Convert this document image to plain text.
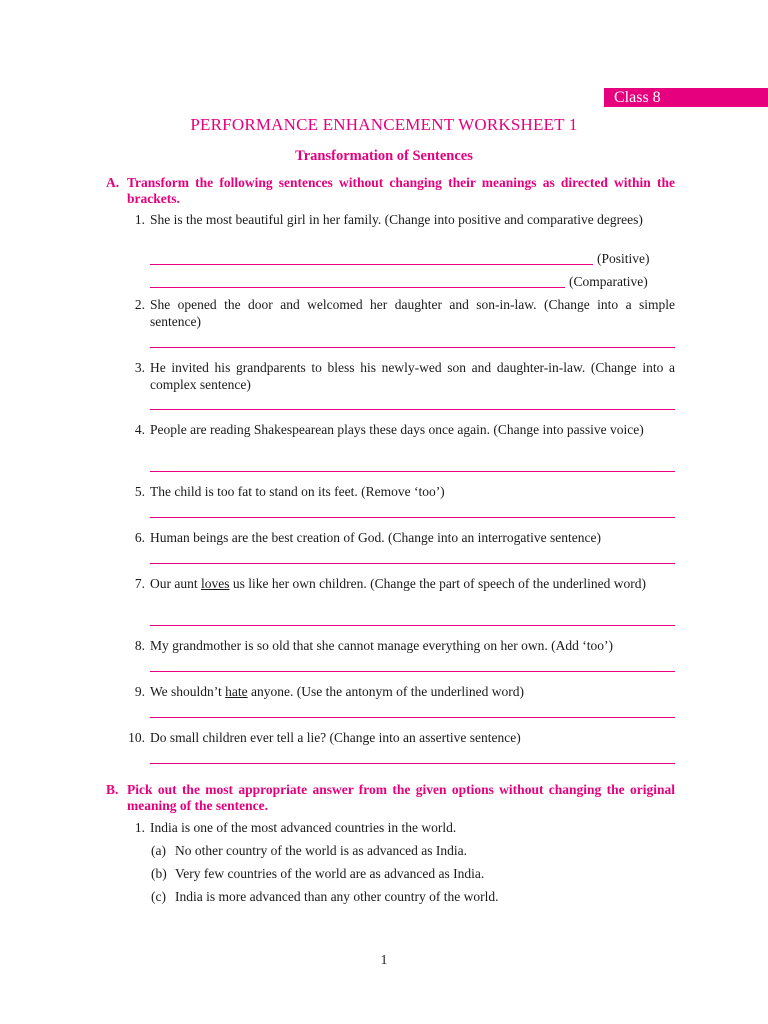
Class 8
PERFORMANCE ENHANCEMENT WORKSHEET 1
Transformation of Sentences
A. Transform the following sentences without changing their meanings as directed within the brackets.
1. She is the most beautiful girl in her family. (Change into positive and comparative degrees)
(Positive)
(Comparative)
2. She opened the door and welcomed her daughter and son-in-law. (Change into a simple sentence)
3. He invited his grandparents to bless his newly-wed son and daughter-in-law. (Change into a complex sentence)
4. People are reading Shakespearean plays these days once again. (Change into passive voice)
5. The child is too fat to stand on its feet. (Remove ‘too’)
6. Human beings are the best creation of God. (Change into an interrogative sentence)
7. Our aunt loves us like her own children. (Change the part of speech of the underlined word)
8. My grandmother is so old that she cannot manage everything on her own. (Add ‘too’)
9. We shouldn’t hate anyone. (Use the antonym of the underlined word)
10. Do small children ever tell a lie? (Change into an assertive sentence)
B. Pick out the most appropriate answer from the given options without changing the original meaning of the sentence.
1. India is one of the most advanced countries in the world.
(a) No other country of the world is as advanced as India.
(b) Very few countries of the world are as advanced as India.
(c) India is more advanced than any other country of the world.
1
